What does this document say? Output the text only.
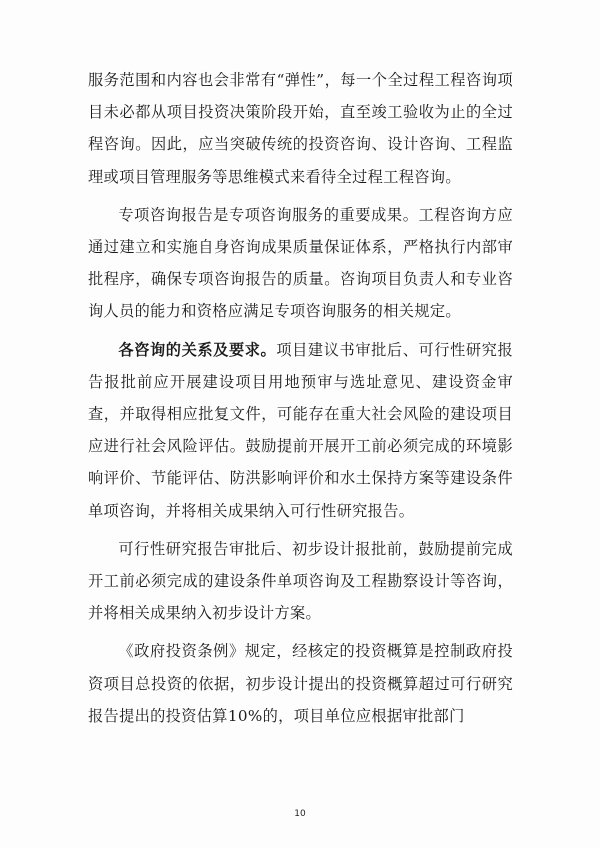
服务范围和内容也会非常有“弹性”，每一个全过程工程咨询项目未必都从项目投资决策阶段开始，直至竣工验收为止的全过程咨询。因此，应当突破传统的投资咨询、设计咨询、工程监理或项目管理服务等思维模式来看待全过程工程咨询。

专项咨询报告是专项咨询服务的重要成果。工程咨询方应通过建立和实施自身咨询成果质量保证体系，严格执行内部审批程序，确保专项咨询报告的质量。咨询项目负责人和专业咨询人员的能力和资格应满足专项咨询服务的相关规定。

各咨询的关系及要求。项目建议书审批后、可行性研究报告报批前应开展建设项目用地预审与选址意见、建设资金审查，并取得相应批复文件，可能存在重大社会风险的建设项目应进行社会风险评估。鼓励提前开展开工前必须完成的环境影响评价、节能评估、防洪影响评价和水土保持方案等建设条件单项咨询，并将相关成果纳入可行性研究报告。

可行性研究报告审批后、初步设计报批前，鼓励提前完成开工前必须完成的建设条件单项咨询及工程勘察设计等咨询，并将相关成果纳入初步设计方案。

《政府投资条例》规定，经核定的投资概算是控制政府投资项目总投资的依据，初步设计提出的投资概算超过可行研究报告提出的投资估算10%的，项目单位应根据审批部门

10
